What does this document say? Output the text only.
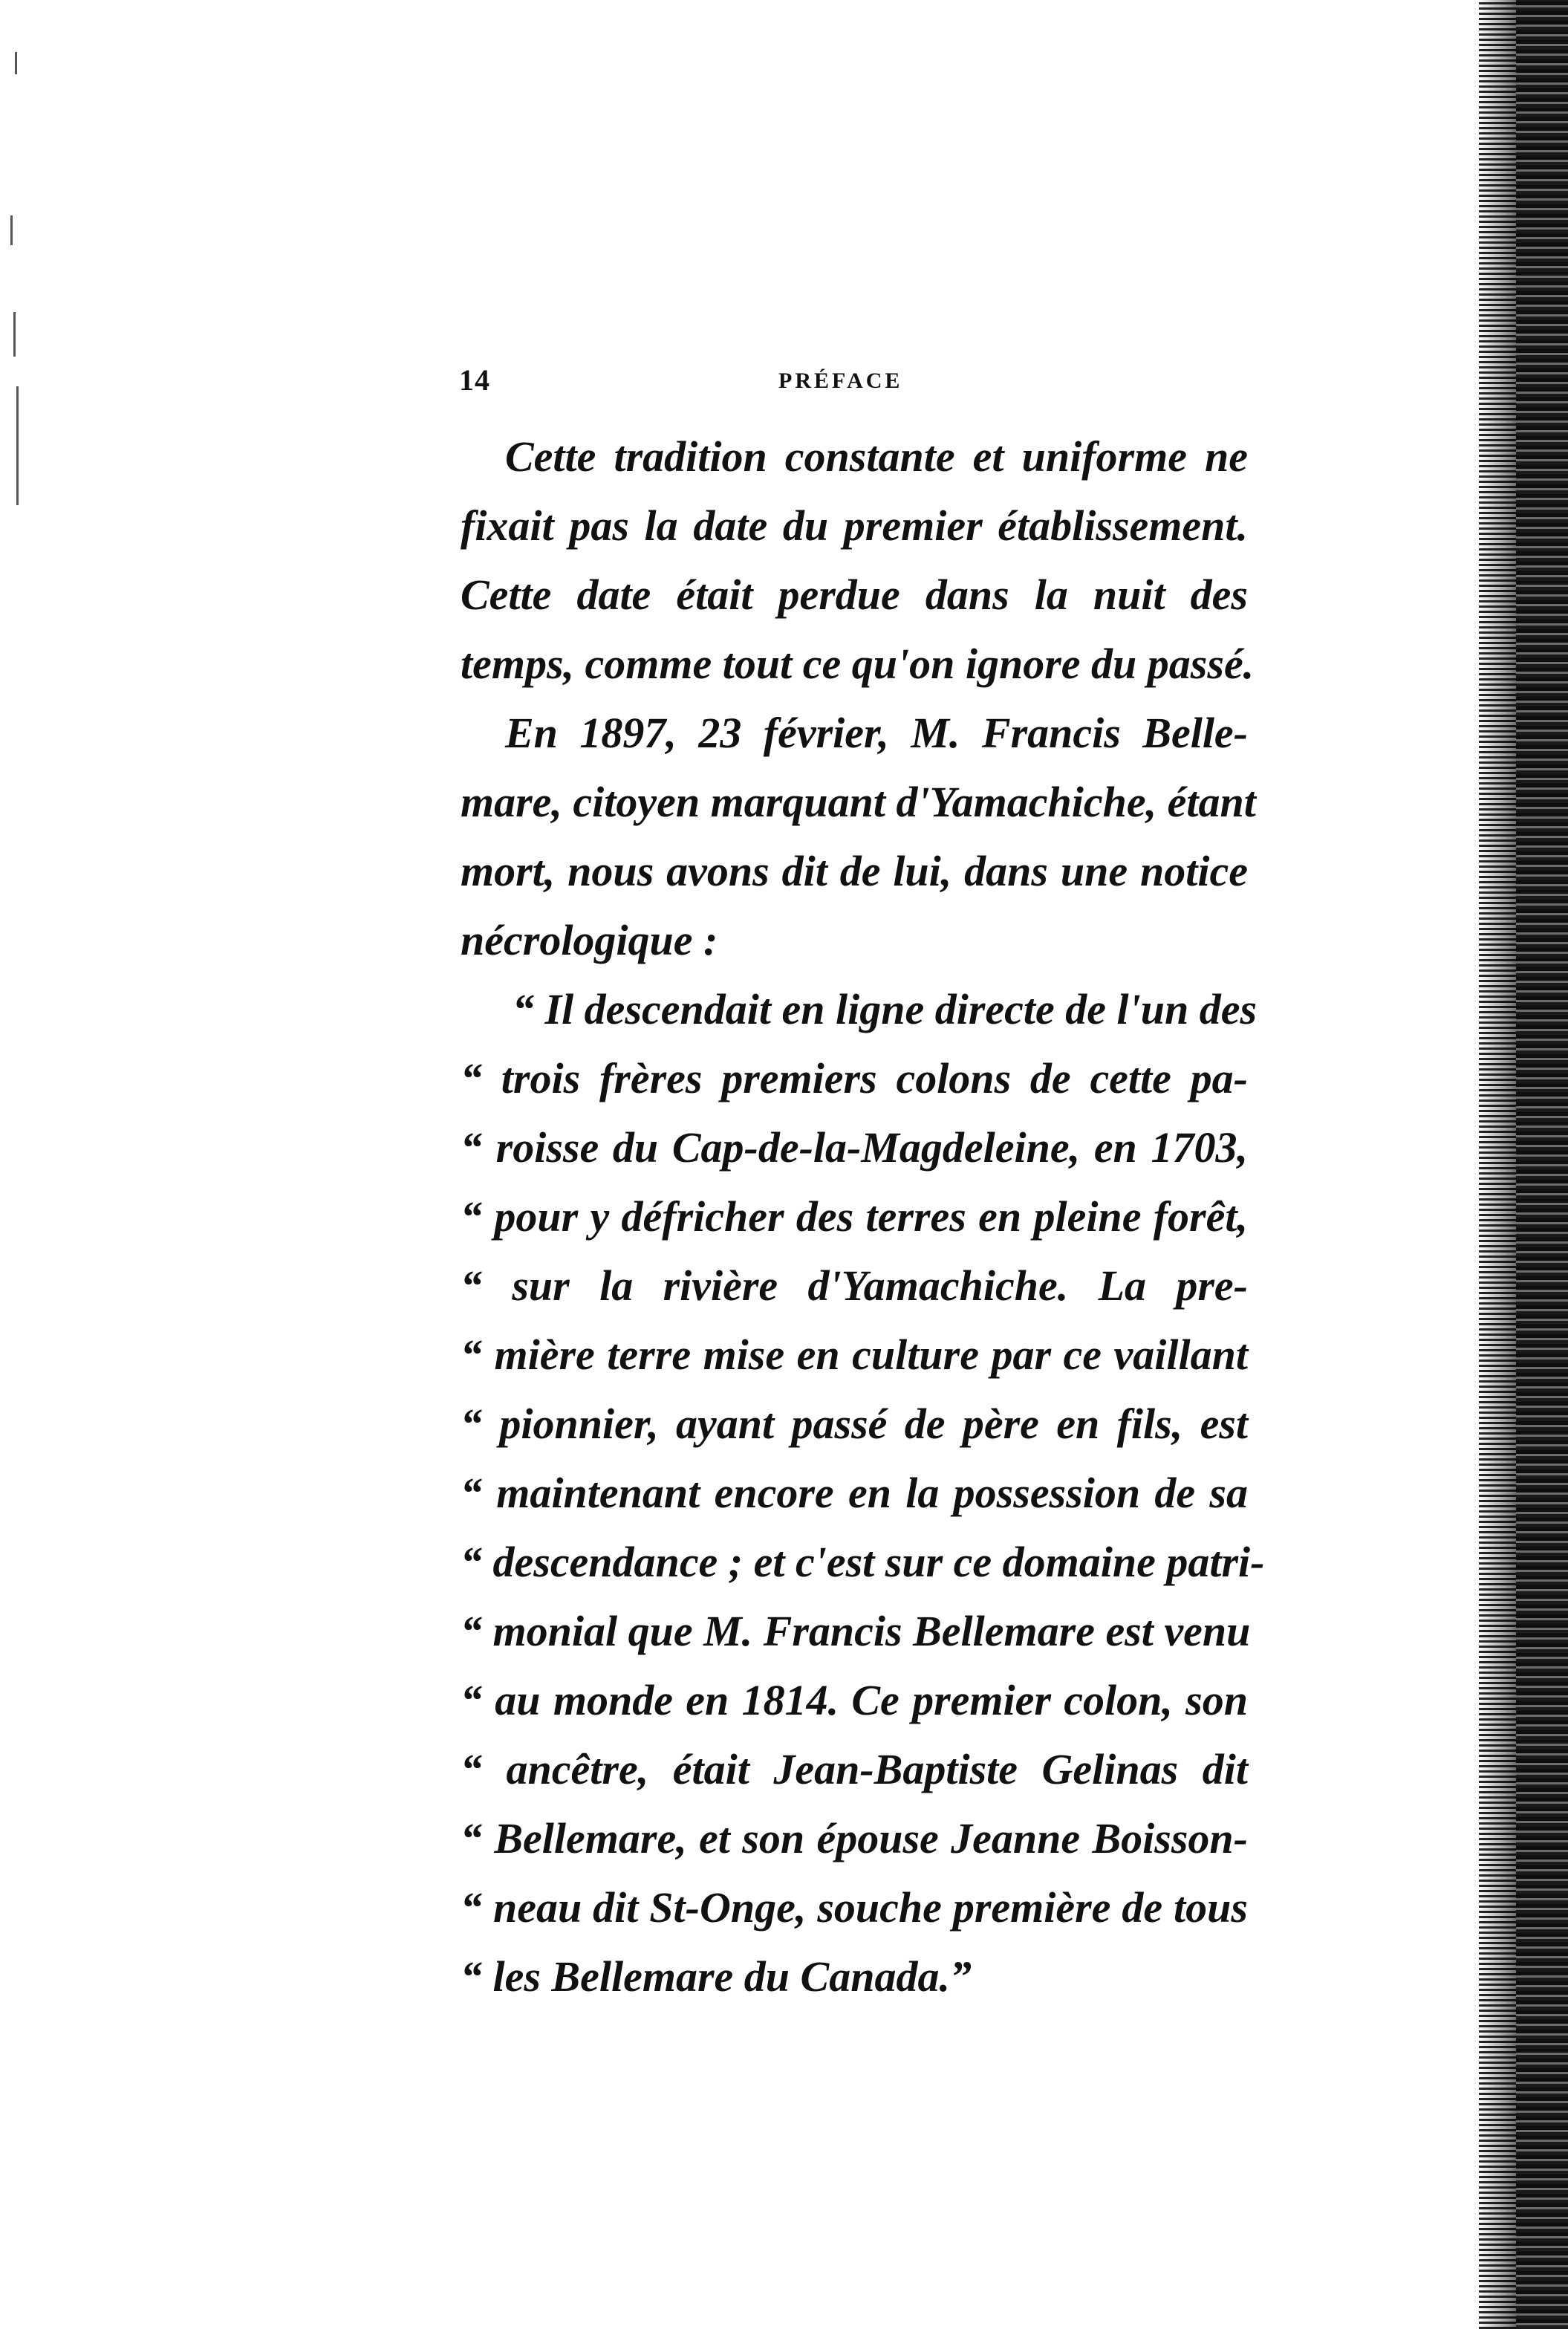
14	PRÉFACE
Cette tradition constante et uniforme ne
fixait pas la date du premier établissement.
Cette date était perdue dans la nuit des
temps, comme tout ce qu'on ignore du passé.
En 1897, 23 février, M. Francis Belle-
mare, citoyen marquant d'Yamachiche, étant
mort, nous avons dit de lui, dans une notice
nécrologique :
“ Il descendait en ligne directe de l'un des
“ trois frères premiers colons de cette pa-
“ roisse du Cap-de-la-Magdeleine, en 1703,
“ pour y défricher des terres en pleine forêt,
“ sur la rivière d'Yamachiche. La pre-
“ mière terre mise en culture par ce vaillant
“ pionnier, ayant passé de père en fils, est
“ maintenant encore en la possession de sa
“ descendance ; et c'est sur ce domaine patri-
“ monial que M. Francis Bellemare est venu
“ au monde en 1814. Ce premier colon, son
“ ancêtre, était Jean-Baptiste Gelinas dit
“ Bellemare, et son épouse Jeanne Boisson-
“ neau dit St-Onge, souche première de tous
“ les Bellemare du Canada.”
